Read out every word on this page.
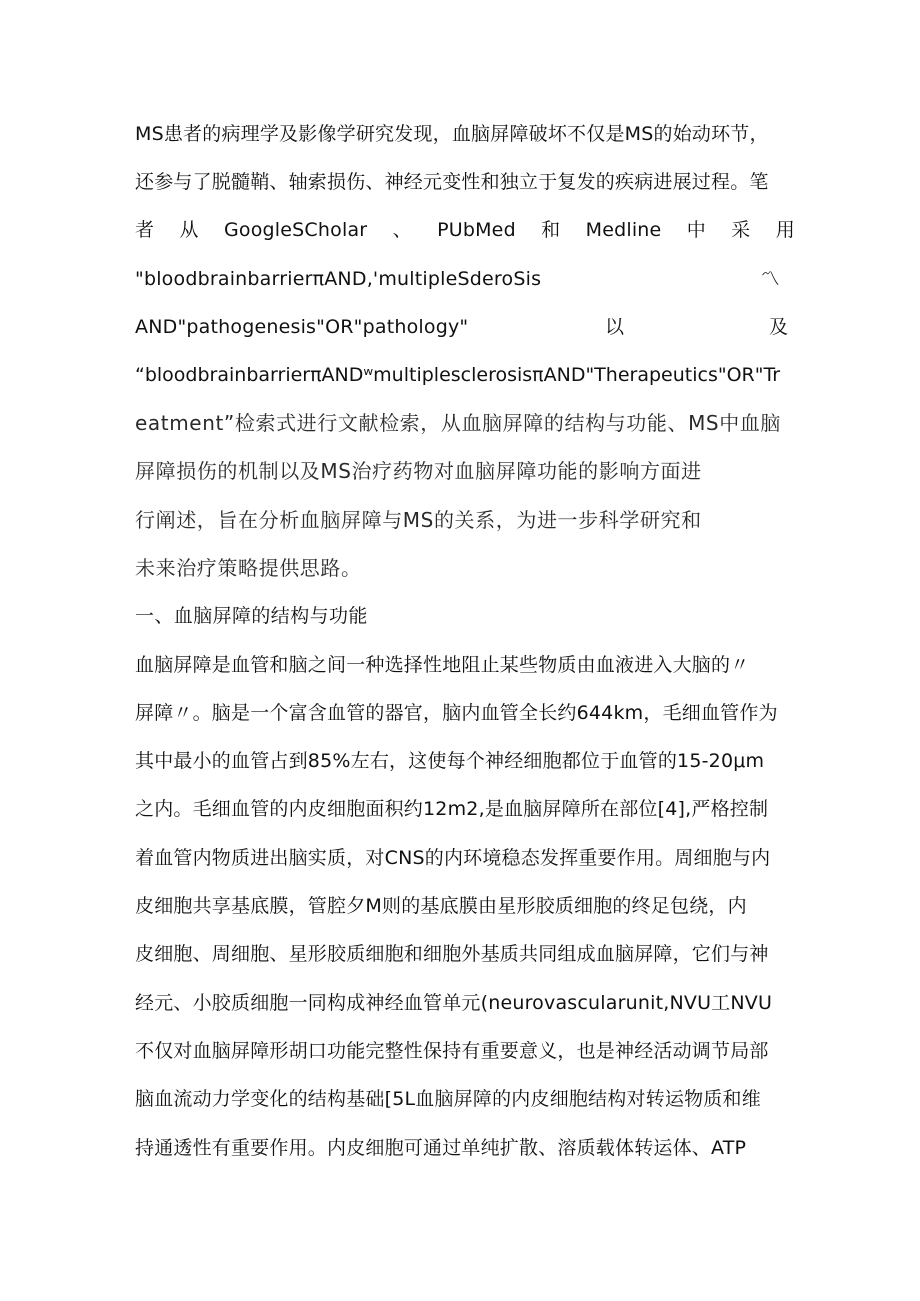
MS患者的病理学及影像学研究发现，血脑屏障破坏不仅是MS的始动环节，
还参与了脱髓鞘、轴索损伤、神经元变性和独立于复发的疾病进展过程。笔
者 从 GoogleSCholar 、 PUbMed 和 Medline 中 采 用
"bloodbrainbarrierπAND‚'multipleSderoSis	〽
AND"pathogenesis"OR"pathology"	以	及
“bloodbrainbarrierπANDʷmultiplesclerosisπAND"Therapeutics"OR"Tr
eatment”检索式进行文献检索，从血脑屏障的结构与功能、MS中血脑
屏障损伤的机制以及MS治疗药物对血脑屏障功能的影响方面进
行阐述，旨在分析血脑屏障与MS的关系，为进一步科学研究和
未来治疗策略提供思路。
一、血脑屏障的结构与功能
血脑屏障是血管和脑之间一种选择性地阻止某些物质由血液进入大脑的〃
屏障〃。脑是一个富含血管的器官，脑内血管全长约644km，毛细血管作为
其中最小的血管占到85%左右，这使每个神经细胞都位于血管的15-20μm
之内。毛细血管的内皮细胞面积约12m2,是血脑屏障所在部位[4],严格控制
着血管内物质进出脑实质，对CNS的内环境稳态发挥重要作用。周细胞与内
皮细胞共享基底膜，管腔夕M则的基底膜由星形胶质细胞的终足包绕，内
皮细胞、周细胞、星形胶质细胞和细胞外基质共同组成血脑屏障，它们与神
经元、小胶质细胞一同构成神经血管单元(neurovascularunit,NVU工NVU
不仅对血脑屏障形胡口功能完整性保持有重要意义，也是神经活动调节局部
脑血流动力学变化的结构基础[5L血脑屏障的内皮细胞结构对转运物质和维
持通透性有重要作用。内皮细胞可通过单纯扩散、溶质载体转运体、ATP
